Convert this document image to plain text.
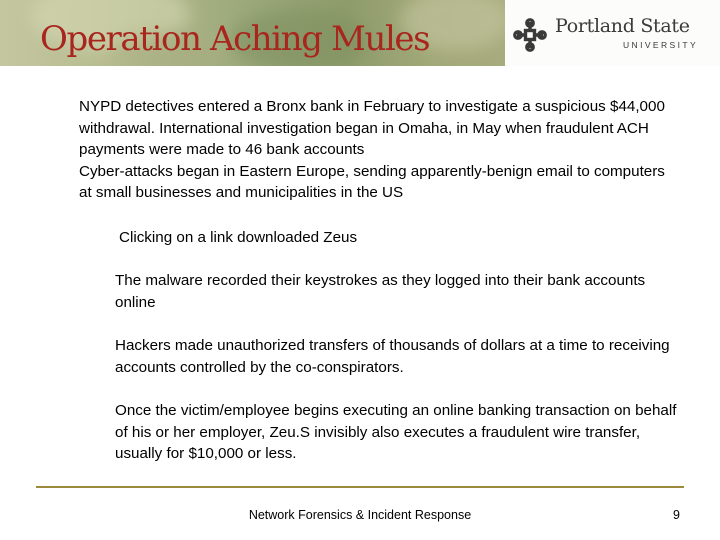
Operation Aching Mules	Portland State
UNIVERSITY
NYPD detectives entered a Bronx bank in February to investigate a suspicious $44,000 withdrawal. International investigation began in Omaha, in May when fraudulent ACH payments were made to 46 bank accounts
Cyber-attacks began in Eastern Europe, sending apparently-benign email to computers at small businesses and municipalities in the US

Clicking on a link downloaded Zeus

The malware recorded their keystrokes as they logged into their bank accounts online

Hackers made unauthorized transfers of thousands of dollars at a time to receiving accounts controlled by the co-conspirators.

Once the victim/employee begins executing an online banking transaction on behalf of his or her employer, Zeu.S invisibly also executes a fraudulent wire transfer, usually for $10,000 or less.

Network Forensics & Incident Response	9
